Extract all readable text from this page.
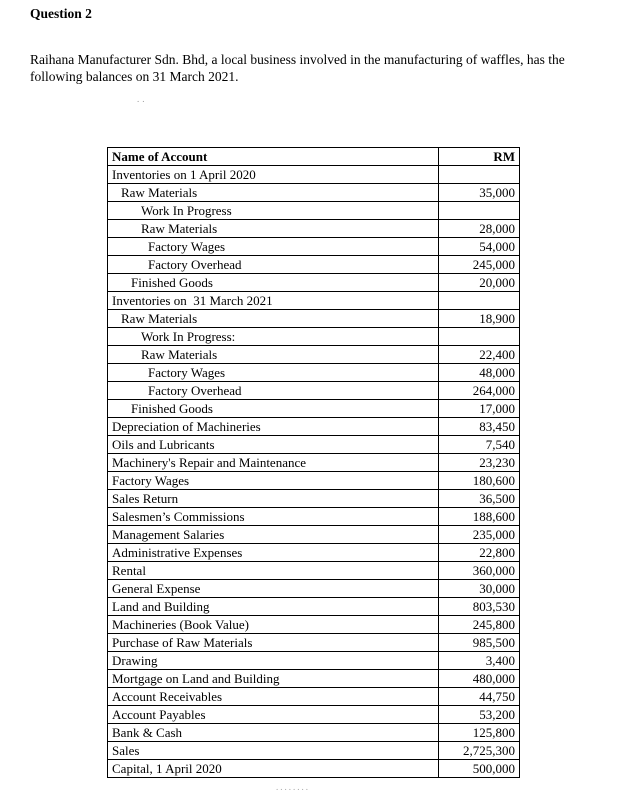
Question 2
Raihana Manufacturer Sdn. Bhd, a local business involved in the manufacturing of waffles, has the following balances on 31 March 2021.
..
Name of Account	RM
Inventories on 1 April 2020	
Raw Materials	35,000
Work In Progress	
Raw Materials	28,000
Factory Wages	54,000
Factory Overhead	245,000
Finished Goods	20,000
Inventories on  31 March 2021	
Raw Materials	18,900
Work In Progress:	
Raw Materials	22,400
Factory Wages	48,000
Factory Overhead	264,000
Finished Goods	17,000
Depreciation of Machineries	83,450
Oils and Lubricants	7,540
Machinery's Repair and Maintenance	23,230
Factory Wages	180,600
Sales Return	36,500
Salesmen’s Commissions	188,600
Management Salaries	235,000
Administrative Expenses	22,800
Rental	360,000
General Expense	30,000
Land and Building	803,530
Machineries (Book Value)	245,800
Purchase of Raw Materials	985,500
Drawing	3,400
Mortgage on Land and Building	480,000
Account Receivables	44,750
Account Payables	53,200
Bank & Cash	125,800
Sales	2,725,300
Capital, 1 April 2020	500,000
........
